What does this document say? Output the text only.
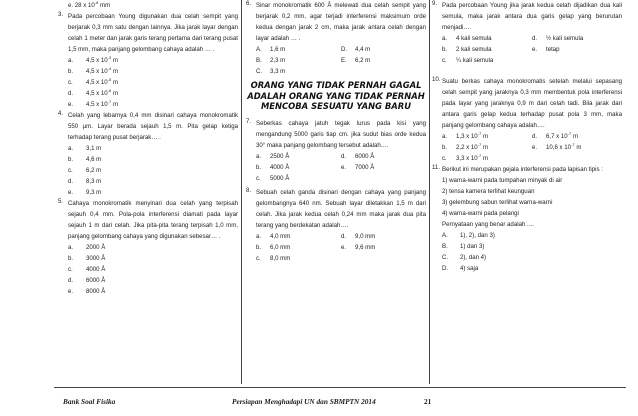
e. 28 x $10^{-8}$ mm
3. Pada percobaan Young digunakan dua celah sempit yang berjarak 0,3 mm satu dengan lainnya. Jika jarak layar dengan celah 1 meter dan jarak garis terang pertama dari terang pusat 1,5 mm, maka panjang gelombang cahaya adalah … .
a. 4,5 x $10^{-3}$ m
b. 4,5 x $10^{-4}$ m
c. 4,5 x $10^{-5}$ m
d. 4,5 x $10^{-6}$ m
e. 4,5 x $10^{-7}$ m
4. Celah yang lebarnya 0,4 mm disinari cahaya monokromatik 550 µm. Layar berada sejauh 1,5 m. Pita gelap ketiga terhadap terang pusat berjarak… .
a. 3,1 m
b. 4,6 m
c. 6,2 m
d. 8,3 m
e. 9,3 m
5. Cahaya monokromatik menyinari dua celah yang terpisah sejauh 0,4 mm. Pola-pola interferensi diamati pada layar sejauh 1 m dari celah. Jika pita-pita terang terpisah 1,0 mm, panjang gelombang cahaya yang digunakan sebesar… .
a. 2000 Å
b. 3000 Å
c. 4000 Å
d. 6000 Å
e. 8000 Å
6. Sinar monokromatik 600 Å melewati dua celah sempit yang berjarak 0,2 mm, agar terjadi interferensi maksimum orde kedua dengan jarak 2 cm, maka jarak antara celah dengan layar adalah … .
A. 1,6 m	D. 4,4 m
B. 2,3 m	E. 6,2 m
C. 3,3 m
ORANG YANG TIDAK PERNAH GAGAL ADALAH ORANG YANG TIDAK PERNAH MENCOBA SESUATU YANG BARU
7. Seberkas cahaya jatuh tegak lurus pada kisi yang mengandung 5000 garis tiap cm. jika sudut bias orde kedua 30° maka panjang gelombang tersebut adalah….
a. 2500 Å	d. 6000 Å
b. 4000 Å	e. 7000 Å
c. 5000 Å
8. Sebuah celah ganda disinari dengan cahaya yang panjang gelombangnya 640 nm. Sebuah layar diletakkan 1,5 m dari celah. Jika jarak kedua celah 0,24 mm maka jarak dua pita terang yang berdekatan adalah….
a. 4,0 mm	d. 9,0 mm
b. 6,0 mm	e. 9,6 mm
c. 8,0 mm
9. Pada percobaan Young jika jarak kedua celah dijadikan dua kali semula, maka jarak antara dua garis gelap yang berurutan menjadi….
a. 4 kali semula	d. ½ kali semula
b. 2 kali semula	e. tetap
c. ¼ kali semula
10. Suatu berkas cahaya monokromatis setelah melalui sepasang celah sempit yang jaraknya 0,3 mm membentuk pola interferensi pada layar yang jaraknya 0,9 m dari celah tadi. Bila jarak dari antara garis gelap kedua terhadap pusat pola 3 mm, maka panjang gelombang cahaya adalah….
a. 1,3 x $10^{-7}$ m	d. 6,7 x $10^{-7}$ m
b. 2,2 x $10^{-7}$ m	e. 10,6 x $10^{-7}$ m
c. 3,3 x $10^{-7}$ m
11. Berikut ini merupakan gejala interferensi pada lapisan tipis :
1) warna-warni pada tumpahan minyak di air
2) tensa kamera terlihat keunguan
3) gelembung sabun terlihat warna-warni
4) warna-warni pada pelangi
Pernyataan yang benar adalah ....
A. 1), 2), dan 3)
B. 1) dan 3)
C. 2), dan 4)
D. 4) saja
Bank Soal Fisika	Persiapan Menghadapi UN dan SBMPTN 2014	21
